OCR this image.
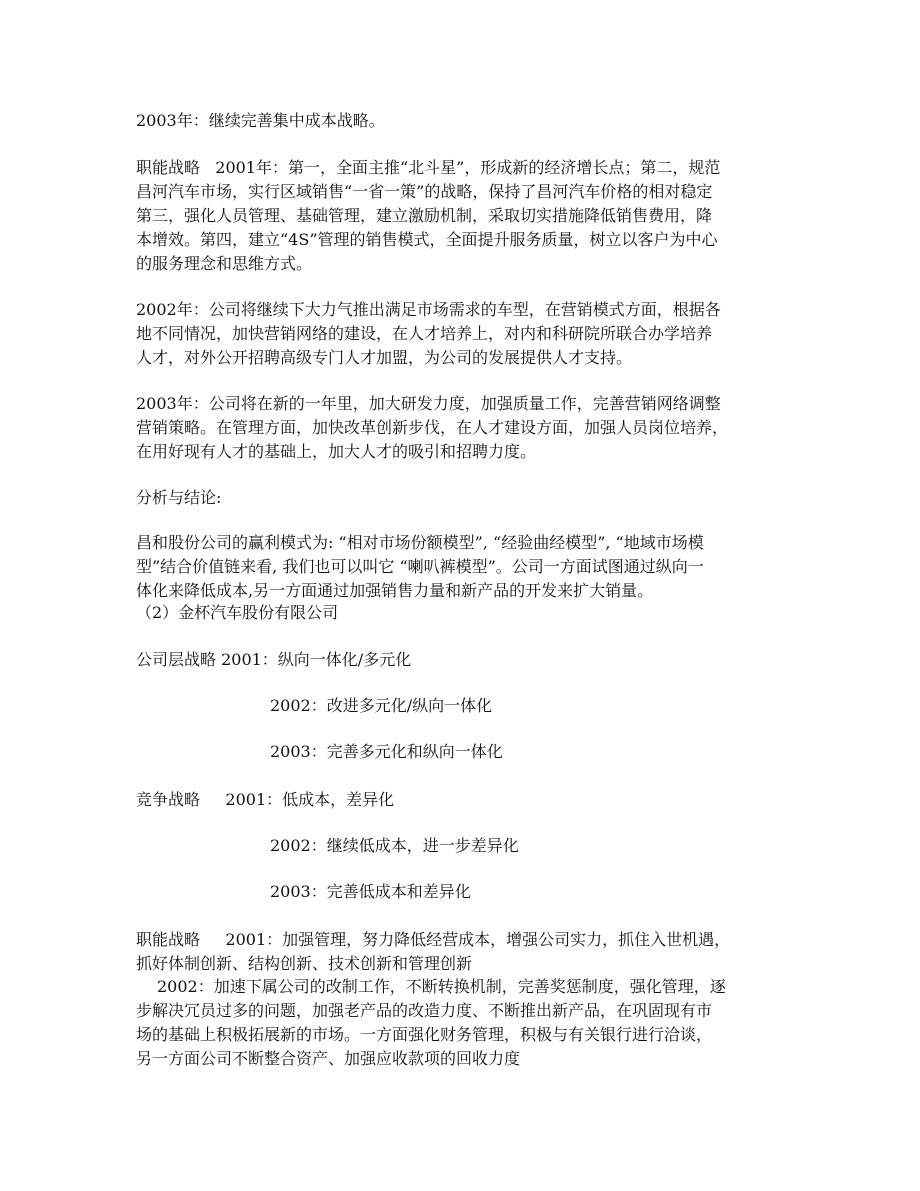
2003年：继续完善集中成本战略。
职能战略   2001年：第一，全面主推“北斗星”，形成新的经济增长点；第二，规范
昌河汽车市场，实行区域销售“一省一策”的战略，保持了昌河汽车价格的相对稳定
第三，强化人员管理、基础管理，建立激励机制，采取切实措施降低销售费用，降
本增效。第四，建立“4S”管理的销售模式，全面提升服务质量，树立以客户为中心
的服务理念和思维方式。
2002年：公司将继续下大力气推出满足市场需求的车型，在营销模式方面，根据各
地不同情况，加快营销网络的建设，在人才培养上，对内和科研院所联合办学培养
人才，对外公开招聘高级专门人才加盟，为公司的发展提供人才支持。
2003年：公司将在新的一年里，加大研发力度，加强质量工作，完善营销网络调整
营销策略。在管理方面，加快改革创新步伐，在人才建设方面，加强人员岗位培养，
在用好现有人才的基础上，加大人才的吸引和招聘力度。
分析与结论:
昌和股份公司的赢利模式为: “相对市场份额模型”, “经验曲经模型”, “地域市场模
型”结合价值链来看, 我们也可以叫它 “喇叭裤模型”。公司一方面试图通过纵向一
体化来降低成本,另一方面通过加强销售力量和新产品的开发来扩大销量。
（2）金杯汽车股份有限公司
公司层战略 2001：纵向一体化/多元化
2002：改进多元化/纵向一体化
2003：完善多元化和纵向一体化
竞争战略     2001：低成本，差异化
2002：继续低成本，进一步差异化
2003：完善低成本和差异化
职能战略     2001：加强管理，努力降低经营成本，增强公司实力，抓住入世机遇，
抓好体制创新、结构创新、技术创新和管理创新
2002：加速下属公司的改制工作，不断转换机制，完善奖惩制度，强化管理，逐
步解决冗员过多的问题，加强老产品的改造力度、不断推出新产品，在巩固现有市
场的基础上积极拓展新的市场。一方面强化财务管理，积极与有关银行进行洽谈，
另一方面公司不断整合资产、加强应收款项的回收力度
